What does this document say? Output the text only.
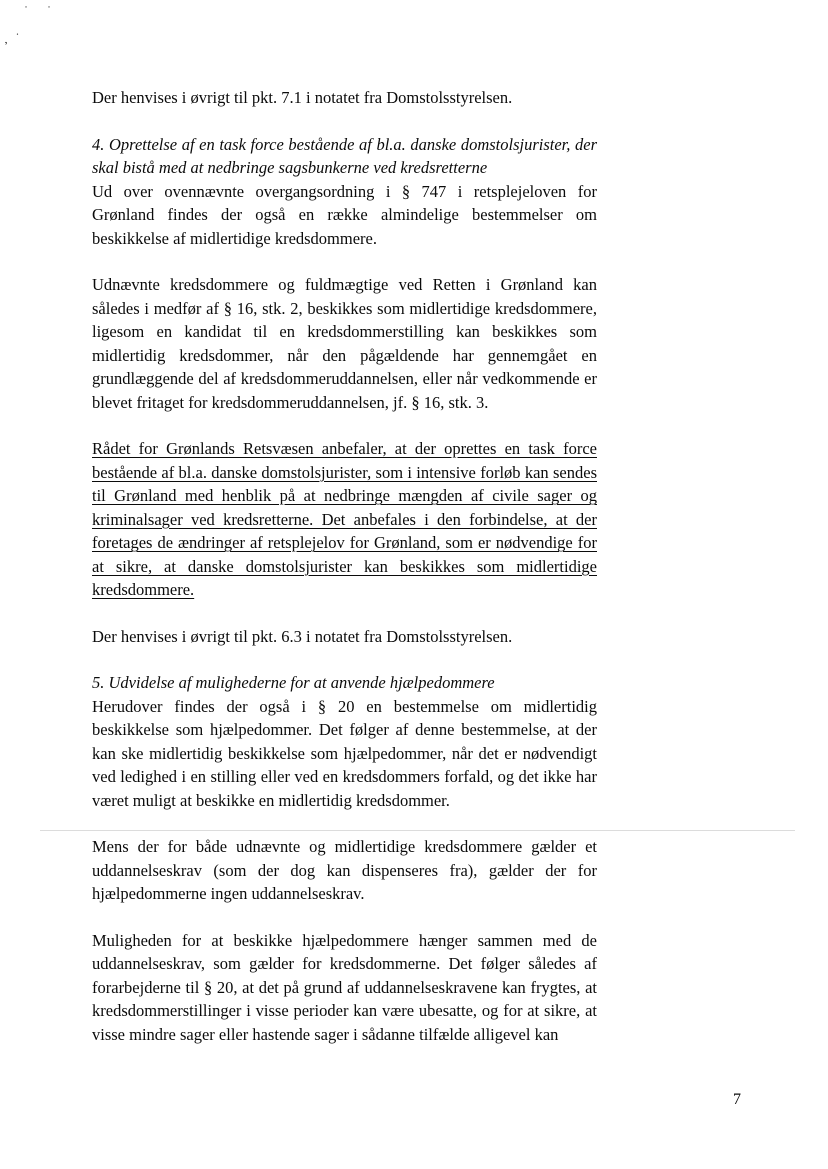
˙ ˙
, ˙

Der henvises i øvrigt til pkt. 7.1 i notatet fra Domstolsstyrelsen.

4. Oprettelse af en task force bestående af bl.a. danske domstolsjurister, der skal bistå med at nedbringe sagsbunkerne ved kredsretterne

Ud over ovennævnte overgangsordning i § 747 i retsplejeloven for Grønland findes der også en række almindelige bestemmelser om beskikkelse af midlertidige kredsdommere.

Udnævnte kredsdommere og fuldmægtige ved Retten i Grønland kan således i medfør af § 16, stk. 2, beskikkes som midlertidige kredsdommere, ligesom en kandidat til en kredsdommerstilling kan beskikkes som midlertidig kredsdommer, når den pågældende har gennemgået en grundlæggende del af kredsdommeruddannelsen, eller når vedkommende er blevet fritaget for kredsdommeruddannelsen, jf. § 16, stk. 3.

Rådet for Grønlands Retsvæsen anbefaler, at der oprettes en task force bestående af bl.a. danske domstolsjurister, som i intensive forløb kan sendes til Grønland med henblik på at nedbringe mængden af civile sager og kriminalsager ved kredsretterne. Det anbefales i den forbindelse, at der foretages de ændringer af retsplejelov for Grønland, som er nødvendige for at sikre, at danske domstolsjurister kan beskikkes som midlertidige kredsdommere.

Der henvises i øvrigt til pkt. 6.3 i notatet fra Domstolsstyrelsen.

5. Udvidelse af mulighederne for at anvende hjælpedommere

Herudover findes der også i § 20 en bestemmelse om midlertidig beskikkelse som hjælpedommer. Det følger af denne bestemmelse, at der kan ske midlertidig beskikkelse som hjælpedommer, når det er nødvendigt ved ledighed i en stilling eller ved en kredsdommers forfald, og det ikke har været muligt at beskikke en midlertidig kredsdommer.

Mens der for både udnævnte og midlertidige kredsdommere gælder et uddannelseskrav (som der dog kan dispenseres fra), gælder der for hjælpedommerne ingen uddannelseskrav.

Muligheden for at beskikke hjælpedommere hænger sammen med de uddannelseskrav, som gælder for kredsdommerne. Det følger således af forarbejderne til § 20, at det på grund af uddannelseskravene kan frygtes, at kredsdommerstillinger i visse perioder kan være ubesatte, og for at sikre, at visse mindre sager eller hastende sager i sådanne tilfælde alligevel kan

7
